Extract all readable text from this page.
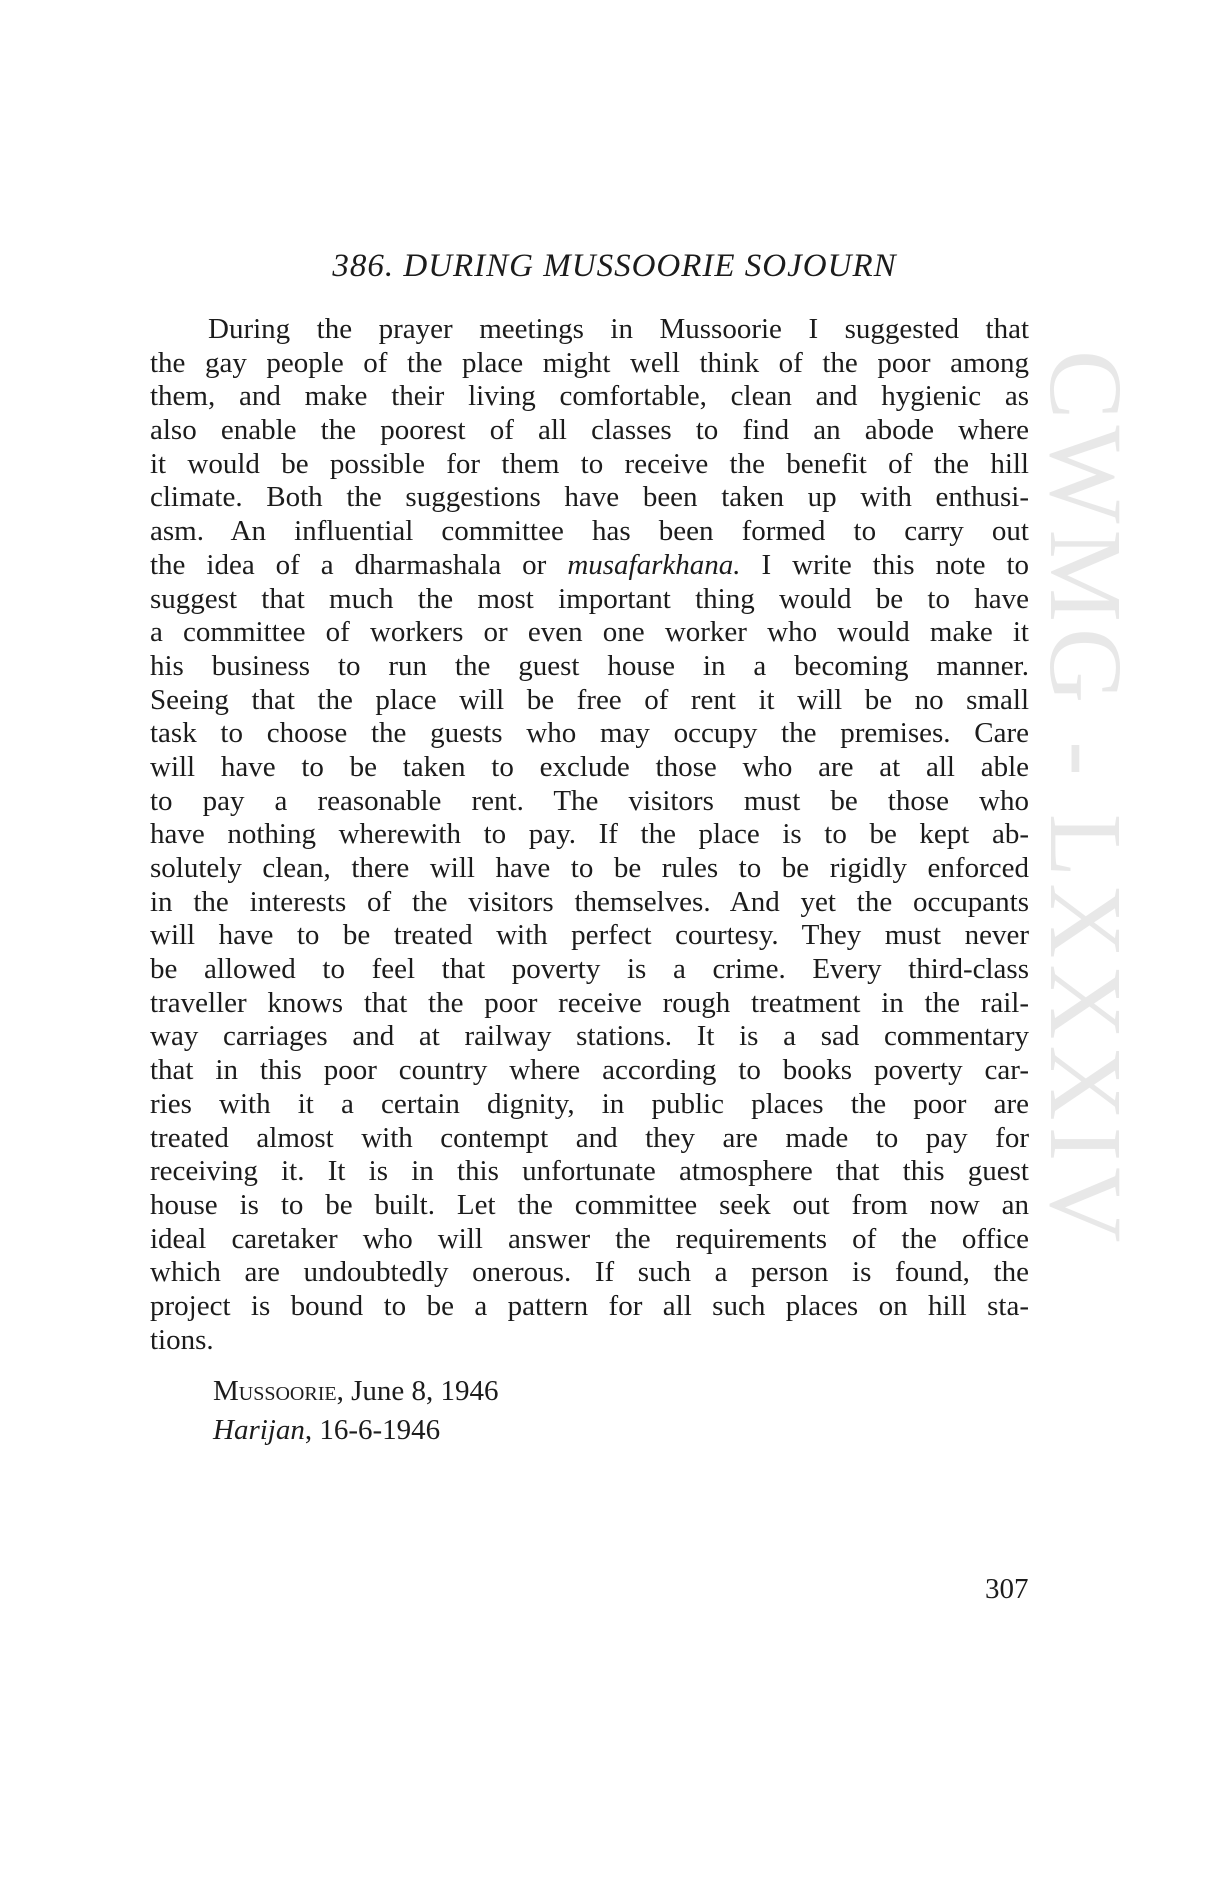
CWMG - LXXXIV
386. DURING MUSSOORIE SOJOURN
During the prayer meetings in Mussoorie I suggested that
the gay people of the place might well think of the poor among
them, and make their living comfortable, clean and hygienic as
also enable the poorest of all classes to find an abode where
it would be possible for them to receive the benefit of the hill
climate. Both the suggestions have been taken up with enthusi-
asm. An influential committee has been formed to carry out
the idea of a dharmashala or musafarkhana. I write this note to
suggest that much the most important thing would be to have
a committee of workers or even one worker who would make it
his business to run the guest house in a becoming manner.
Seeing that the place will be free of rent it will be no small
task to choose the guests who may occupy the premises. Care
will have to be taken to exclude those who are at all able
to pay a reasonable rent. The visitors must be those who
have nothing wherewith to pay. If the place is to be kept ab-
solutely clean, there will have to be rules to be rigidly enforced
in the interests of the visitors themselves. And yet the occupants
will have to be treated with perfect courtesy. They must never
be allowed to feel that poverty is a crime. Every third-class
traveller knows that the poor receive rough treatment in the rail-
way carriages and at railway stations. It is a sad commentary
that in this poor country where according to books poverty car-
ries with it a certain dignity, in public places the poor are
treated almost with contempt and they are made to pay for
receiving it. It is in this unfortunate atmosphere that this guest
house is to be built. Let the committee seek out from now an
ideal caretaker who will answer the requirements of the office
which are undoubtedly onerous. If such a person is found, the
project is bound to be a pattern for all such places on hill sta-
tions.
Mussoorie, June 8, 1946
Harijan, 16-6-1946
307
